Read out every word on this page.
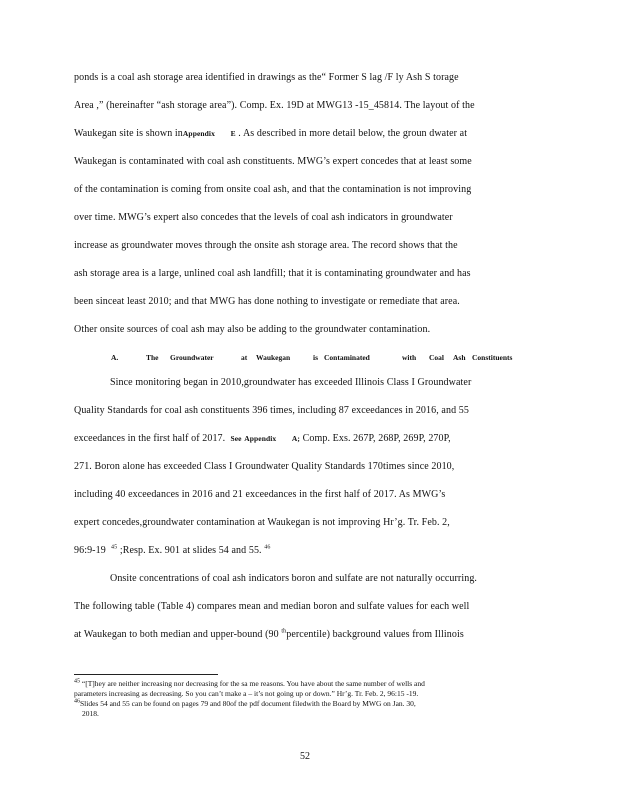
ponds is a coal ash storage area identified in drawings as the“ Former S lag /F ly Ash S torage
Area ,” (hereinafter “ash storage area”). Comp. Ex. 19D at MWG13 -15_45814. The layout of the
Waukegan site is shown inAppendix E . As described in more detail below, the groun dwater at
Waukegan is contaminated with coal ash constituents. MWG’s expert concedes that at least some
of the contamination is coming from onsite coal ash, and that the contamination is not improving
over time. MWG’s expert also concedes that the levels of coal ash indicators in groundwater
increase as groundwater moves through the onsite ash storage area. The record shows that the
ash storage area is a large, unlined coal ash landfill; that it is contaminating groundwater and has
been sinceat least 2010; and that MWG has done nothing to investigate or remediate that area.
Other onsite sources of coal ash may also be adding to the groundwater contamination.
A.	The Groundwater	at Waukegan	is Contaminated	with Coal Ash Constituents
Since monitoring began in 2010,groundwater has exceeded Illinois Class I Groundwater
Quality Standards for coal ash constituents 396 times, including 87 exceedances in 2016, and 55
exceedances in the first half of 2017. See Appendix A; Comp. Exs. 267P, 268P, 269P, 270P,
271. Boron alone has exceeded Class I Groundwater Quality Standards 170times since 2010,
including 40 exceedances in 2016 and 21 exceedances in the first half of 2017. As MWG’s
expert concedes,groundwater contamination at Waukegan is not improving Hr’g. Tr. Feb. 2,
96:9-19 $^{45}$ ;Resp. Ex. 901 at slides 54 and 55. $^{46}$
Onsite concentrations of coal ash indicators boron and sulfate are not naturally occurring.
The following table (Table 4) compares mean and median boron and sulfate values for each well
at Waukegan to both median and upper-bound (90 $^{th}$percentile) background values from Illinois
$^{45}$ “[T]hey are neither increasing nor decreasing for the sa me reasons. You have about the same number of wells and
parameters increasing as decreasing. So you can’t make a – it’s not going up or down.” Hr’g. Tr. Feb. 2, 96:15 -19.
$^{46}$Slides 54 and 55 can be found on pages 79 and 80of the pdf document filedwith the Board by MWG on Jan. 30,
2018.
52
